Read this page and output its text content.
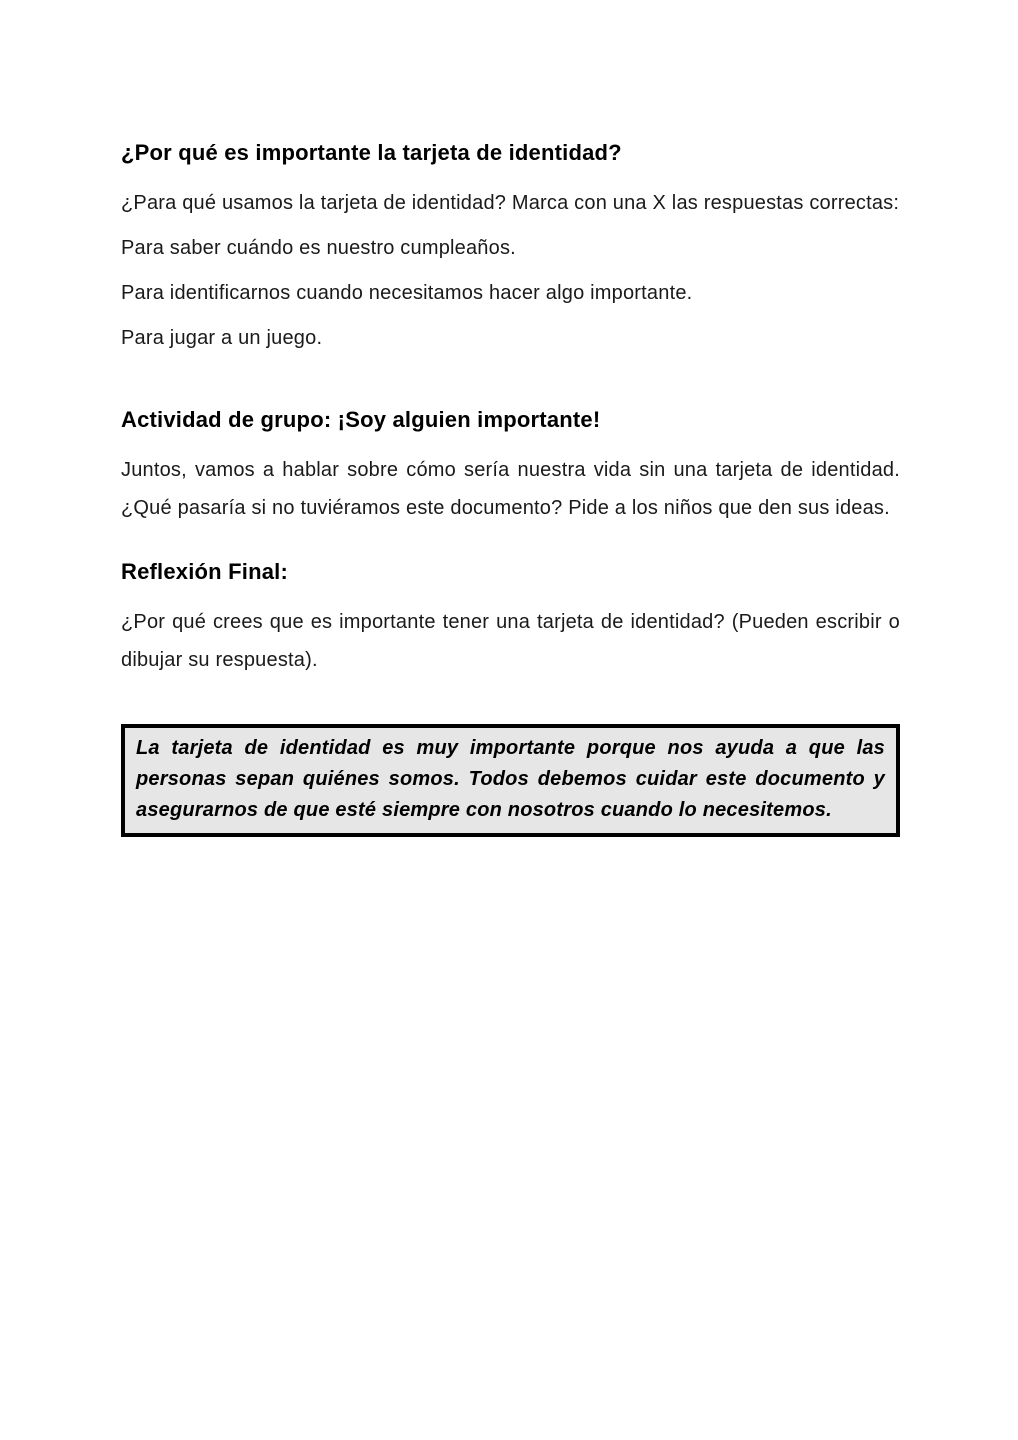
¿Por qué es importante la tarjeta de identidad?

¿Para qué usamos la tarjeta de identidad? Marca con una X las respuestas correctas:

Para saber cuándo es nuestro cumpleaños.

Para identificarnos cuando necesitamos hacer algo importante.

Para jugar a un juego.

Actividad de grupo: ¡Soy alguien importante!

Juntos, vamos a hablar sobre cómo sería nuestra vida sin una tarjeta de identidad. ¿Qué pasaría si no tuviéramos este documento? Pide a los niños que den sus ideas.

Reflexión Final:

¿Por qué crees que es importante tener una tarjeta de identidad? (Pueden escribir o dibujar su respuesta).

La tarjeta de identidad es muy importante porque nos ayuda a que las personas sepan quiénes somos. Todos debemos cuidar este documento y asegurarnos de que esté siempre con nosotros cuando lo necesitemos.
